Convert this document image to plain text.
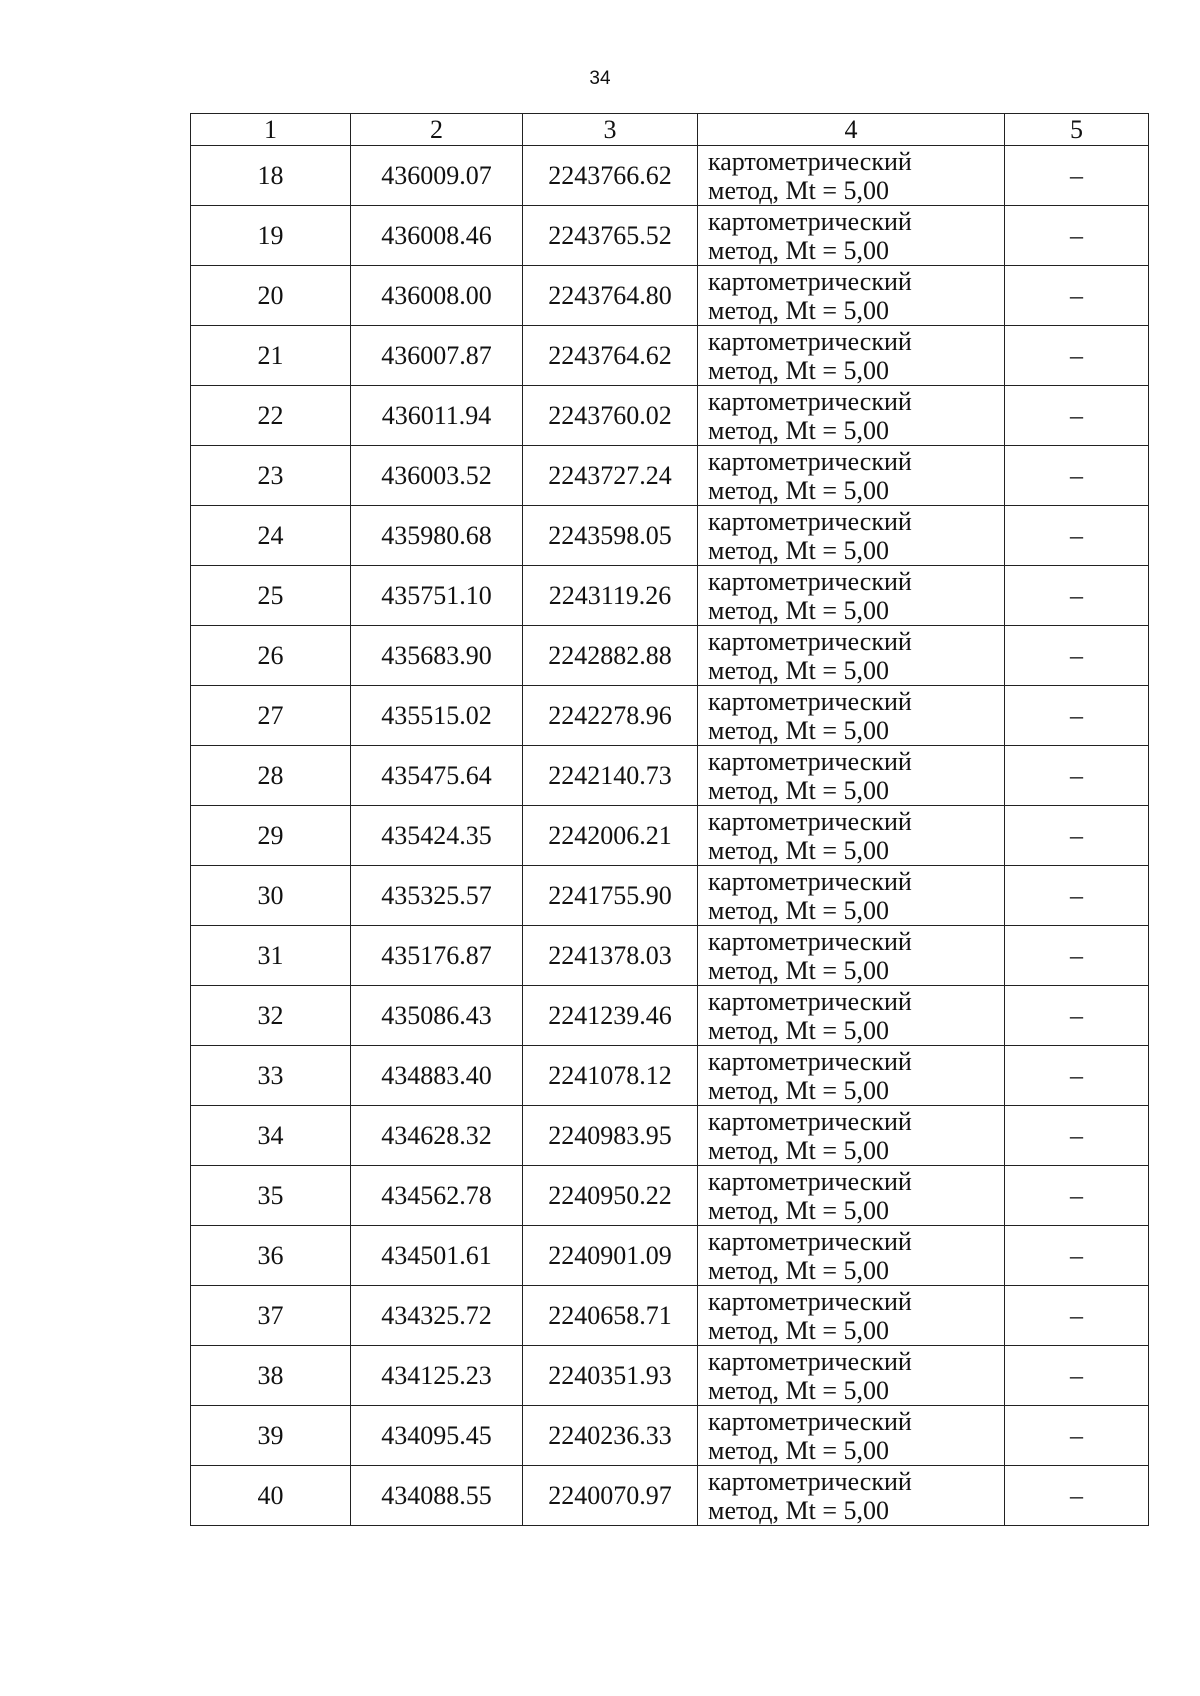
34
1	2	3	4	5
18	436009.07	2243766.62	картометрический
метод, Mt = 5,00	–
19	436008.46	2243765.52	картометрический
метод, Mt = 5,00	–
20	436008.00	2243764.80	картометрический
метод, Mt = 5,00	–
21	436007.87	2243764.62	картометрический
метод, Mt = 5,00	–
22	436011.94	2243760.02	картометрический
метод, Mt = 5,00	–
23	436003.52	2243727.24	картометрический
метод, Mt = 5,00	–
24	435980.68	2243598.05	картометрический
метод, Mt = 5,00	–
25	435751.10	2243119.26	картометрический
метод, Mt = 5,00	–
26	435683.90	2242882.88	картометрический
метод, Mt = 5,00	–
27	435515.02	2242278.96	картометрический
метод, Mt = 5,00	–
28	435475.64	2242140.73	картометрический
метод, Mt = 5,00	–
29	435424.35	2242006.21	картометрический
метод, Mt = 5,00	–
30	435325.57	2241755.90	картометрический
метод, Mt = 5,00	–
31	435176.87	2241378.03	картометрический
метод, Mt = 5,00	–
32	435086.43	2241239.46	картометрический
метод, Mt = 5,00	–
33	434883.40	2241078.12	картометрический
метод, Mt = 5,00	–
34	434628.32	2240983.95	картометрический
метод, Mt = 5,00	–
35	434562.78	2240950.22	картометрический
метод, Mt = 5,00	–
36	434501.61	2240901.09	картометрический
метод, Mt = 5,00	–
37	434325.72	2240658.71	картометрический
метод, Mt = 5,00	–
38	434125.23	2240351.93	картометрический
метод, Mt = 5,00	–
39	434095.45	2240236.33	картометрический
метод, Mt = 5,00	–
40	434088.55	2240070.97	картометрический
метод, Mt = 5,00	–
